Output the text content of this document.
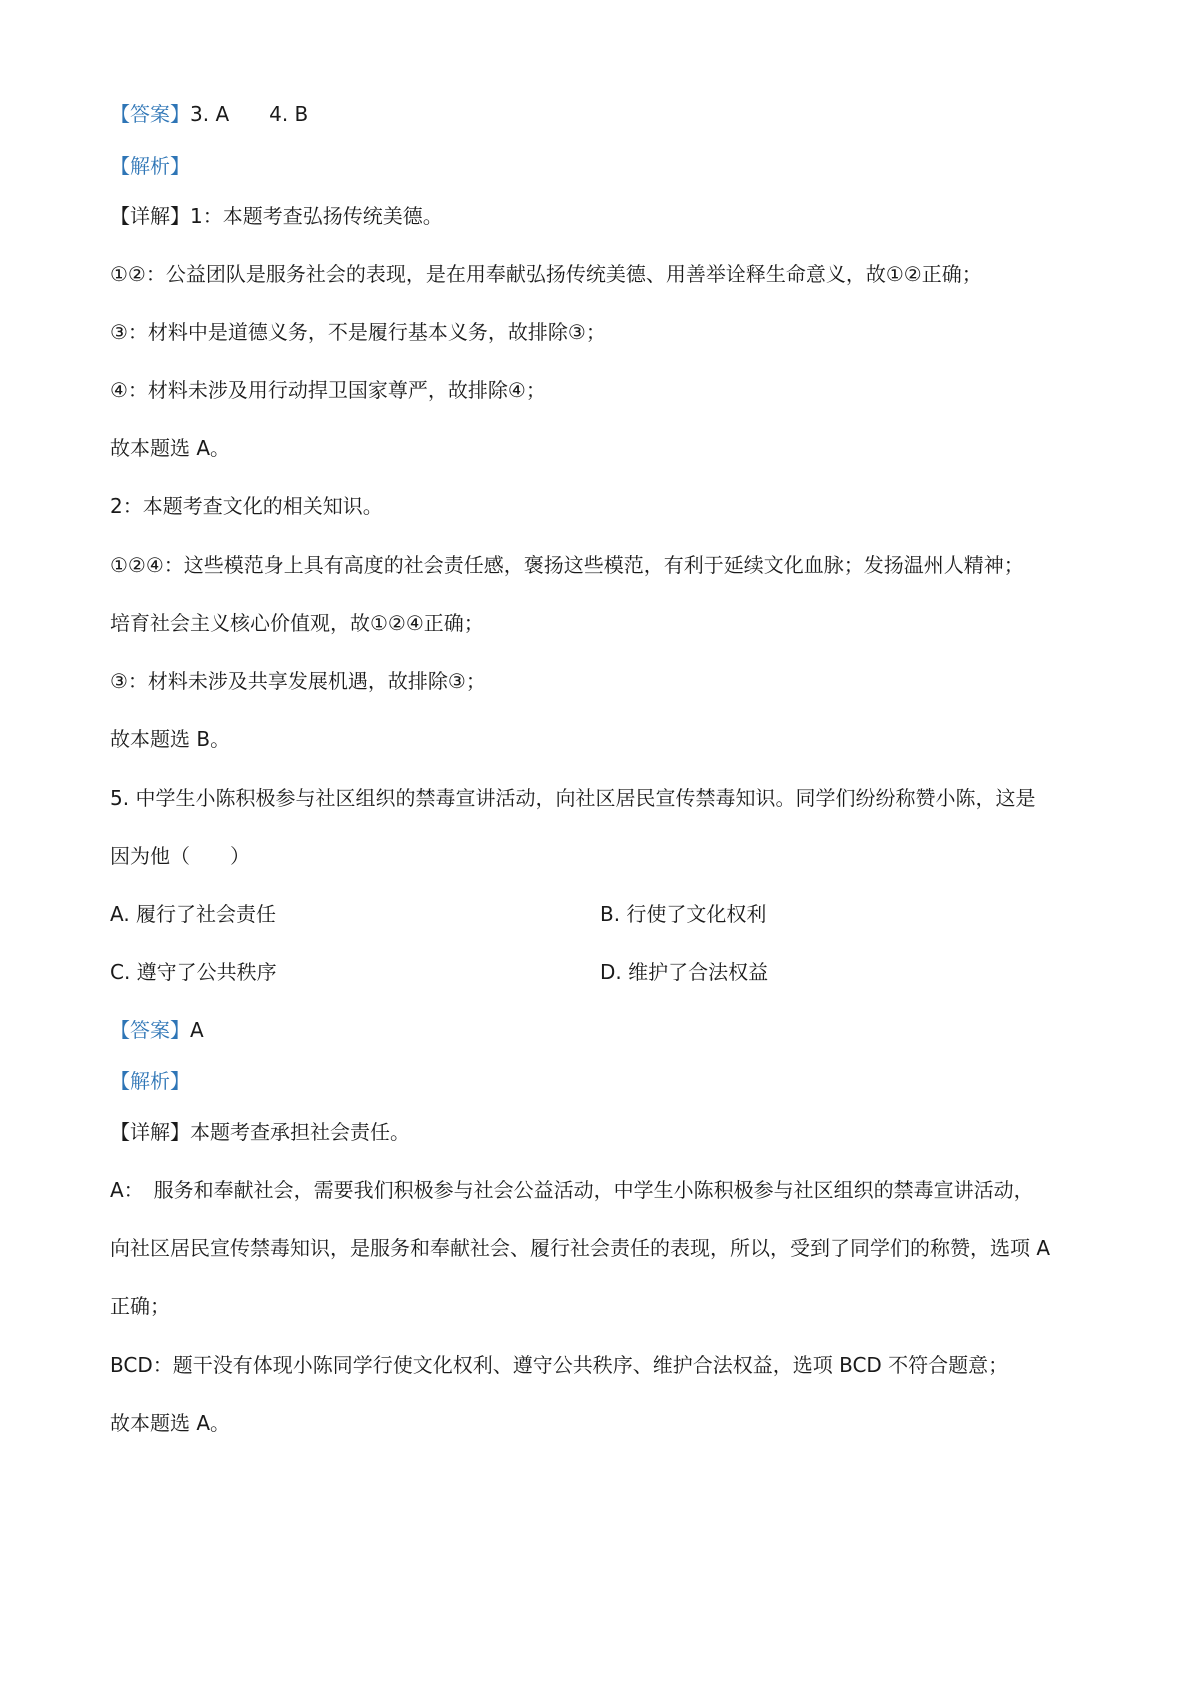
【答案】3. A　　4. B
【解析】
【详解】1：本题考查弘扬传统美德。
①②：公益团队是服务社会的表现，是在用奉献弘扬传统美德、用善举诠释生命意义，故①②正确；
③：材料中是道德义务，不是履行基本义务，故排除③；
④：材料未涉及用行动捍卫国家尊严，故排除④；
故本题选 A。
2：本题考查文化的相关知识。
①②④：这些模范身上具有高度的社会责任感，褒扬这些模范，有利于延续文化血脉；发扬温州人精神；
培育社会主义核心价值观，故①②④正确；
③：材料未涉及共享发展机遇，故排除③；
故本题选 B。
5. 中学生小陈积极参与社区组织的禁毒宣讲活动，向社区居民宣传禁毒知识。同学们纷纷称赞小陈，这是
因为他（　　）
A. 履行了社会责任	B. 行使了文化权利
C. 遵守了公共秩序	D. 维护了合法权益
【答案】A
【解析】
【详解】本题考查承担社会责任。
A：　服务和奉献社会，需要我们积极参与社会公益活动，中学生小陈积极参与社区组织的禁毒宣讲活动，
向社区居民宣传禁毒知识，是服务和奉献社会、履行社会责任的表现，所以，受到了同学们的称赞，选项 A
正确；
BCD：题干没有体现小陈同学行使文化权利、遵守公共秩序、维护合法权益，选项 BCD 不符合题意；
故本题选 A。
